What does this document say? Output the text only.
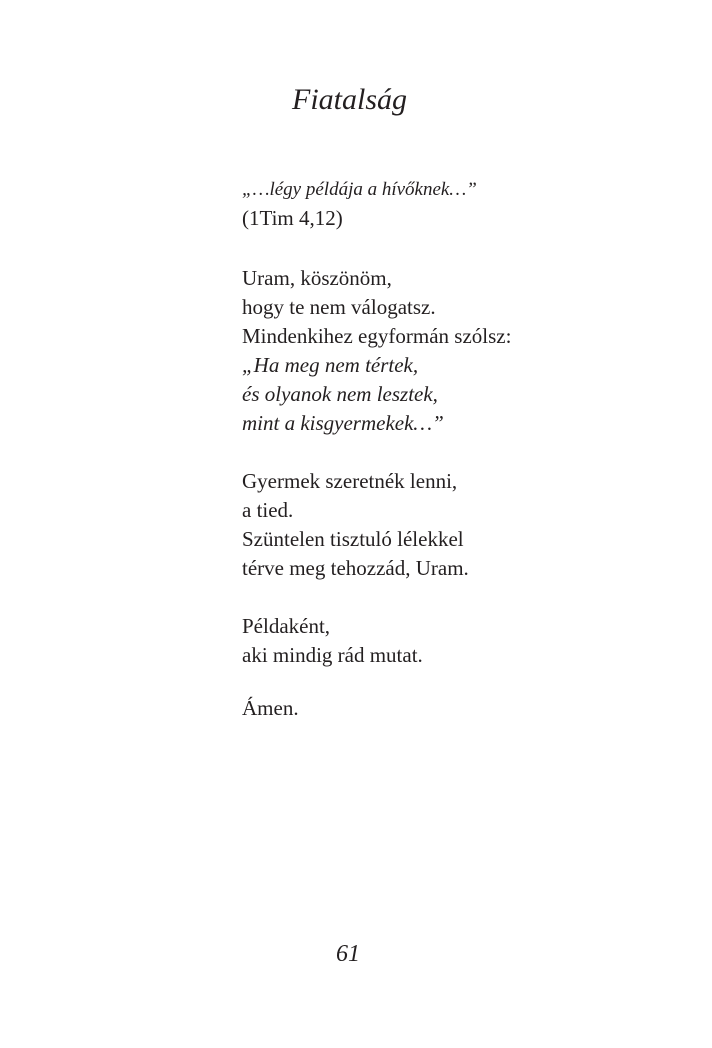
Fiatalság
„…légy példája a hívőknek…”
(1Tim 4,12)
Uram, köszönöm,
hogy te nem válogatsz.
Mindenkihez egyformán szólsz:
„Ha meg nem tértek,
és olyanok nem lesztek,
mint a kisgyermekek…”
Gyermek szeretnék lenni,
a tied.
Szüntelen tisztuló lélekkel
térve meg tehozzád, Uram.
Példaként,
aki mindig rád mutat.
Ámen.
61
